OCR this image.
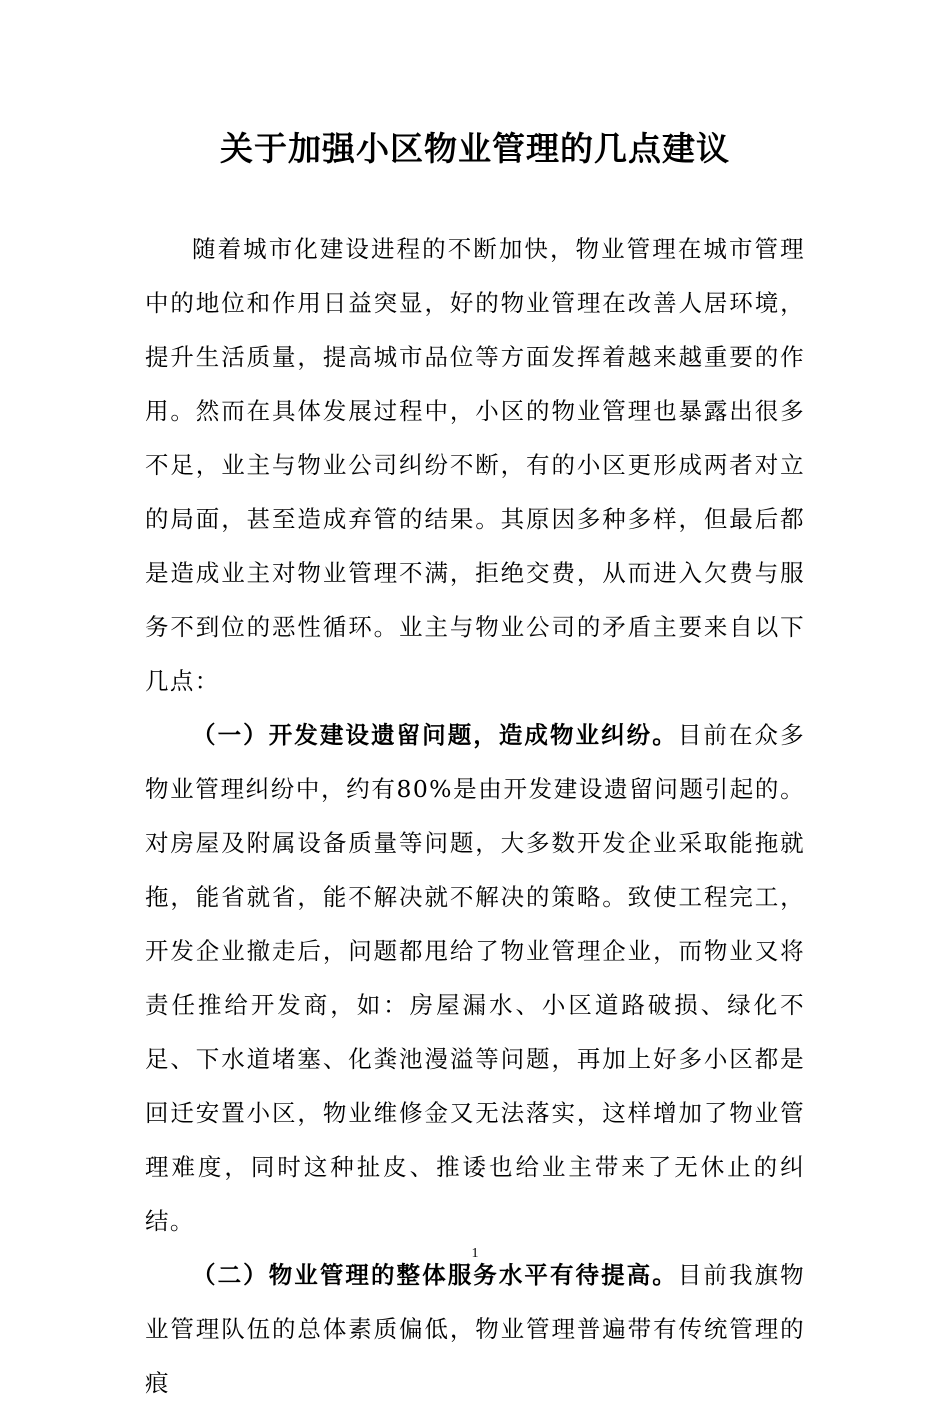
关于加强小区物业管理的几点建议

随着城市化建设进程的不断加快，物业管理在城市管理中的地位和作用日益突显，好的物业管理在改善人居环境，提升生活质量，提高城市品位等方面发挥着越来越重要的作用。然而在具体发展过程中，小区的物业管理也暴露出很多不足，业主与物业公司纠纷不断，有的小区更形成两者对立的局面，甚至造成弃管的结果。其原因多种多样，但最后都是造成业主对物业管理不满，拒绝交费，从而进入欠费与服务不到位的恶性循环。业主与物业公司的矛盾主要来自以下几点：

（一）开发建设遗留问题，造成物业纠纷。目前在众多物业管理纠纷中，约有80%是由开发建设遗留问题引起的。对房屋及附属设备质量等问题，大多数开发企业采取能拖就拖，能省就省，能不解决就不解决的策略。致使工程完工，开发企业撤走后，问题都甩给了物业管理企业，而物业又将责任推给开发商，如：房屋漏水、小区道路破损、绿化不足、下水道堵塞、化粪池漫溢等问题，再加上好多小区都是回迁安置小区，物业维修金又无法落实，这样增加了物业管理难度，同时这种扯皮、推诿也给业主带来了无休止的纠结。

（二）物业管理的整体服务水平有待提高。目前我旗物业管理队伍的总体素质偏低，物业管理普遍带有传统管理的痕

1
